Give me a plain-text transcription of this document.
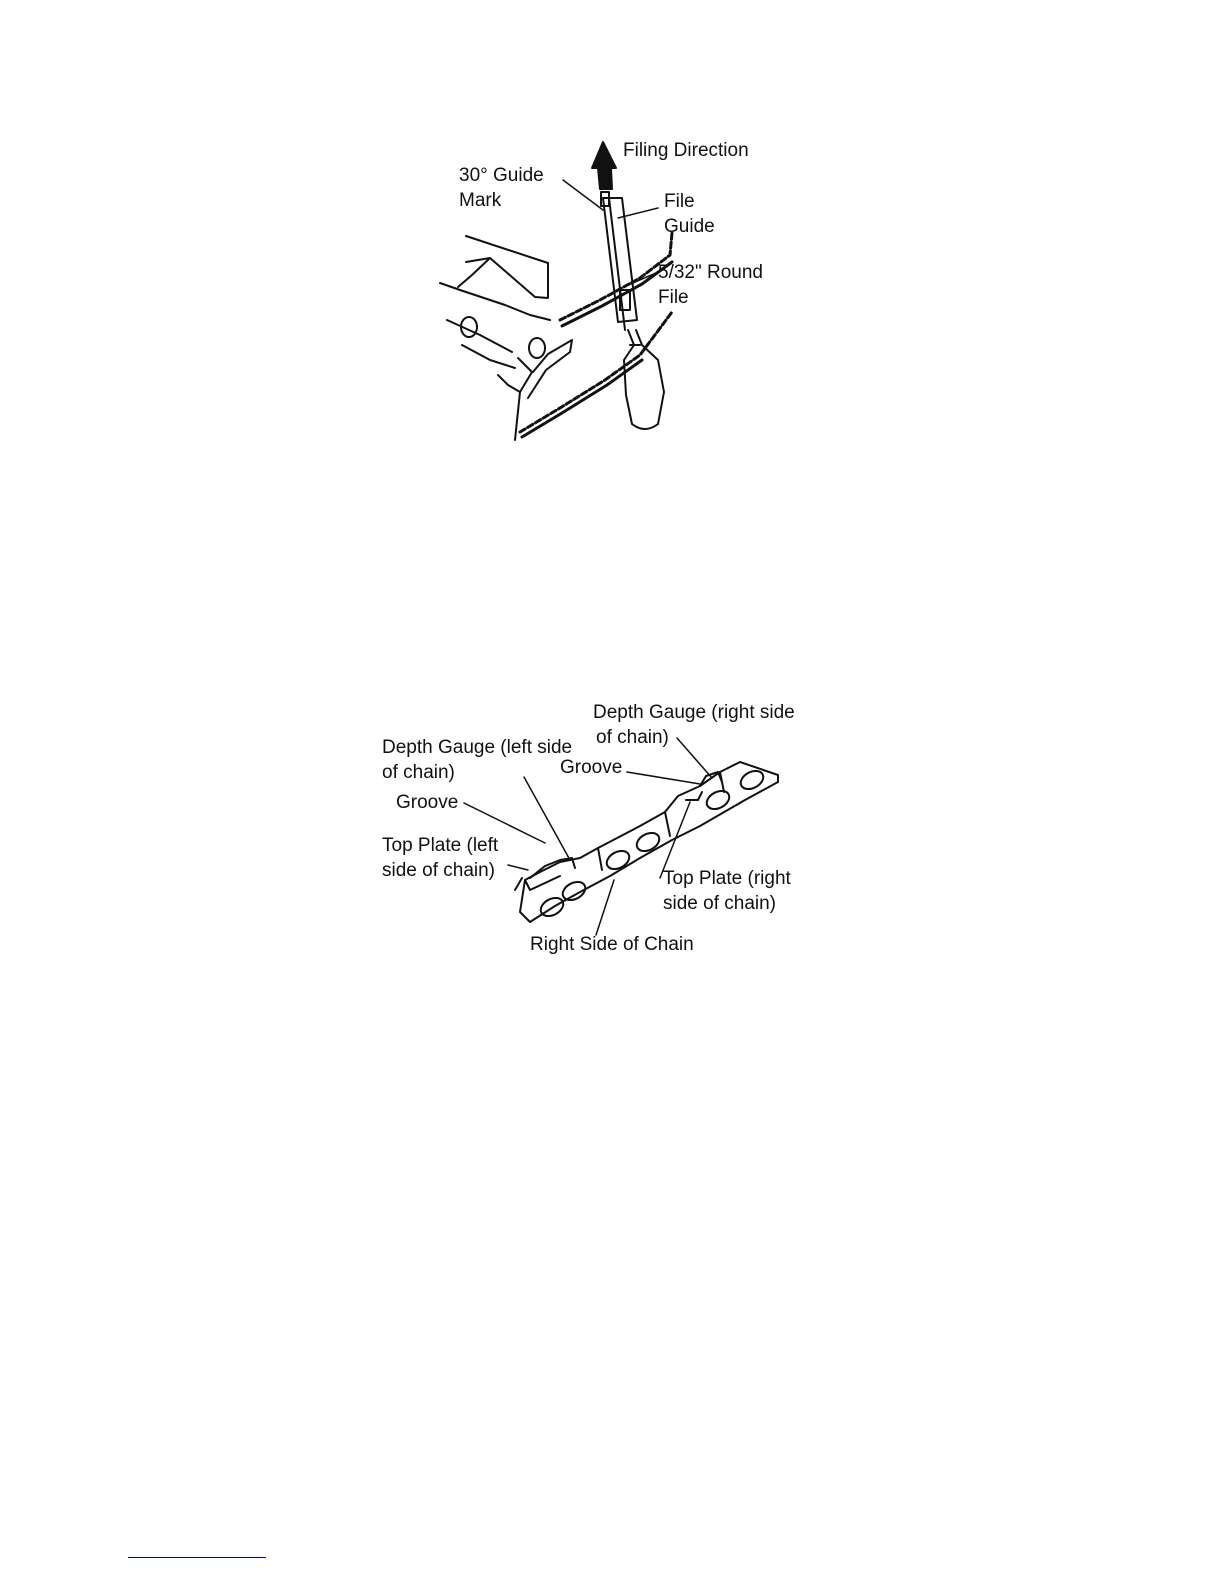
Filing Direction
30° Guide
Mark	File
Guide
5/32" Round
File
Depth Gauge (right side
of chain)
Depth Gauge (left side
of chain)	Groove
Groove
Top Plate (left
side of chain)	Top Plate (right
side of chain)
Right Side of Chain
